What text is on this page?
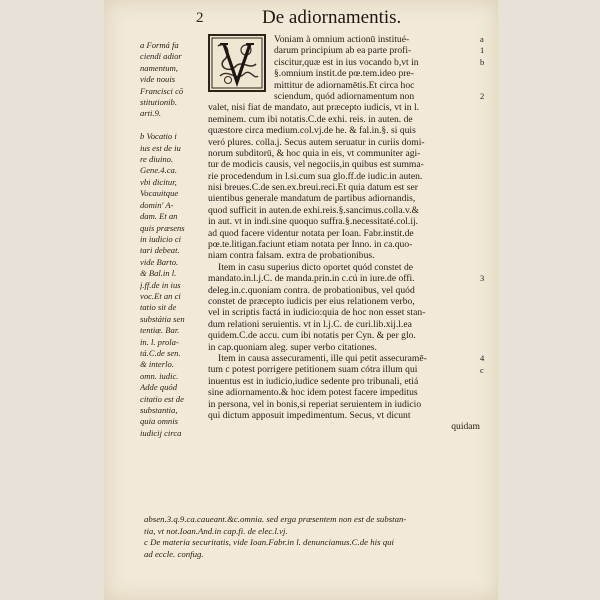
2	De adiornamentis.
a Formá fa
ciendi adior
namentum,
vide nouis
Francisci cō
stitutionib.
arti.9.

b Vocatio i
ius est de iu
re diuino.
Gene.4.ca.
vbi dicitur,
Vocauitque
domin' A-
dam. Et an
quis præsens
in iudicio ci
tari debeat.
vide Barto.
& Bal.in l.
j.ff.de in ius
voc.Et an ci
tatio sit de
substátia sen
tentiæ. Bar.
in. l. prola-
tá.C.de sen.
& interlo.
omn. iudic.
Adde quód
citatio est de
substantia,
quia omnis
iudicij circa
Voniam à omnium actionū institué-
darum principium ab ea parte profi-
ciscitur,quæ est in ius vocando b,vt in
§.omnium instit.de pœ.tem.ideo pre-
mittitur de adiornamētis.Et circa hoc
sciendum, quód adiornamentum non
valet, nisi fiat de mandato, aut præcepto iudicis, vt in l.
neminem. cum ibi notatis.C.de exhi. reis. in auten. de
quæstore circa medium.col.vj.de he. & fal.in.§. si quis
veró plures. colla.j. Secus autem seruatur in curiis domi-
norum subditorū, & hoc quia in eis, vt communiter agi-
tur de modicis causis, vel negociis,in quibus est summa-
rie procedendum in l.si.cum sua glo.ff.de iudic.in auten.
nisi breues.C.de sen.ex.breui.reci.Et quia datum est ser
uientibus generale mandatum de partibus adiornandis,
quod sufficit in auten.de exhi.reis.§.sancimus.colla.v.&
in aut. vt in indi.sine quoquo suffra.§.necessitaté.col.ij.
ad quod facere videntur notata per Ioan. Fabr.instit.de
pœ.te.litigan.faciunt etiam notata per Inno. in ca.quo-
niam contra falsam. extra de probationibus.
Item in casu superius dicto oportet quód constet de
mandato.in.l.j.C. de manda.prin.in c.cú in iure.de offi.
deleg.in.c.quoniam contra. de probationibus, vel quód
constet de præcepto iudicis per eius relationem verbo,
vel in scriptis factá in iudicio:quia de hoc non esset stan-
dum relationi seruientis. vt in l.j.C. de curi.lib.xij.l.ea
quidem.C.de accu. cum ibi notatis per Cyn. & per glo.
in cap.quoniam aleg. super verbo citationes.
Item in causa assecuramenti, ille qui petit assecuramē-
tum c potest porrigere petitionem suam cótra illum qui
inuentus est in iudicio,iudice sedente pro tribunali, etiá
sine adiornamento.& hoc idem potest facere impeditus
in persona, vel in bonis,si reperiat seruientem in iudicio
qui dictum apposuit impedimentum. Secus, vt dicunt
quidam
a
1
b
2
3
4
c
absen.3.q.9.ca.caueant.&c.omnia. sed erga præsentem non est de substan-
tia, vt not.Ioan.And.in cap.fi. de elec.l.vj.
c De materia securitatis, vide Ioan.Fabr.in l. denunciamus.C.de his qui
ad eccle. confug.
